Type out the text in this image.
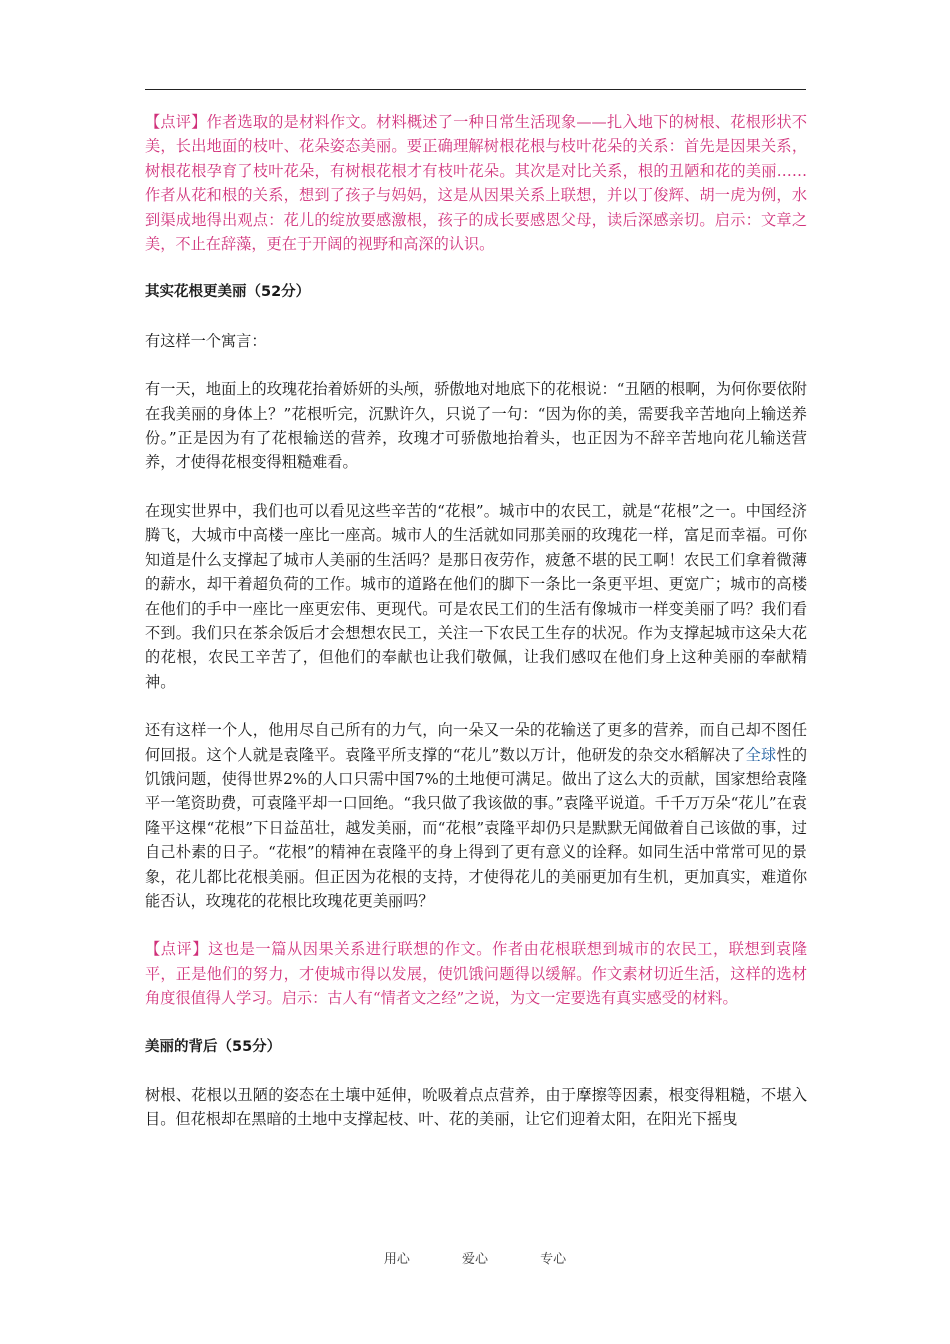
【点评】作者选取的是材料作文。材料概述了一种日常生活现象——扎入地下的树根、花根形状不美，长出地面的枝叶、花朵姿态美丽。要正确理解树根花根与枝叶花朵的关系：首先是因果关系，树根花根孕育了枝叶花朵，有树根花根才有枝叶花朵。其次是对比关系，根的丑陋和花的美丽……作者从花和根的关系，想到了孩子与妈妈，这是从因果关系上联想，并以丁俊辉、胡一虎为例，水到渠成地得出观点：花儿的绽放要感激根，孩子的成长要感恩父母，读后深感亲切。启示：文章之美，不止在辞藻，更在于开阔的视野和高深的认识。

其实花根更美丽（52分）

有这样一个寓言：

有一天，地面上的玫瑰花抬着娇妍的头颅，骄傲地对地底下的花根说：“丑陋的根啊，为何你要依附在我美丽的身体上？”花根听完，沉默许久，只说了一句：“因为你的美，需要我辛苦地向上输送养份。”正是因为有了花根输送的营养，玫瑰才可骄傲地抬着头，也正因为不辞辛苦地向花儿输送营养，才使得花根变得粗糙难看。

在现实世界中，我们也可以看见这些辛苦的“花根”。城市中的农民工，就是“花根”之一。中国经济腾飞，大城市中高楼一座比一座高。城市人的生活就如同那美丽的玫瑰花一样，富足而幸福。可你知道是什么支撑起了城市人美丽的生活吗？是那日夜劳作，疲惫不堪的民工啊！农民工们拿着微薄的薪水，却干着超负荷的工作。城市的道路在他们的脚下一条比一条更平坦、更宽广；城市的高楼在他们的手中一座比一座更宏伟、更现代。可是农民工们的生活有像城市一样变美丽了吗？我们看不到。我们只在茶余饭后才会想想农民工，关注一下农民工生存的状况。作为支撑起城市这朵大花的花根，农民工辛苦了，但他们的奉献也让我们敬佩，让我们感叹在他们身上这种美丽的奉献精神。

还有这样一个人，他用尽自己所有的力气，向一朵又一朵的花输送了更多的营养，而自己却不图任何回报。这个人就是袁隆平。袁隆平所支撑的“花儿”数以万计，他研发的杂交水稻解决了全球性的饥饿问题，使得世界2%的人口只需中国7%的土地便可满足。做出了这么大的贡献，国家想给袁隆平一笔资助费，可袁隆平却一口回绝。“我只做了我该做的事。”袁隆平说道。千千万万朵“花儿”在袁隆平这棵“花根”下日益茁壮，越发美丽，而“花根”袁隆平却仍只是默默无闻做着自己该做的事，过自己朴素的日子。“花根”的精神在袁隆平的身上得到了更有意义的诠释。如同生活中常常可见的景象，花儿都比花根美丽。但正因为花根的支持，才使得花儿的美丽更加有生机，更加真实，难道你能否认，玫瑰花的花根比玫瑰花更美丽吗？

【点评】这也是一篇从因果关系进行联想的作文。作者由花根联想到城市的农民工，联想到袁隆平，正是他们的努力，才使城市得以发展，使饥饿问题得以缓解。作文素材切近生活，这样的选材角度很值得人学习。启示：古人有“情者文之经”之说，为文一定要选有真实感受的材料。

美丽的背后（55分）

树根、花根以丑陋的姿态在土壤中延伸，吮吸着点点营养，由于摩擦等因素，根变得粗糙，不堪入目。但花根却在黑暗的土地中支撑起枝、叶、花的美丽，让它们迎着太阳，在阳光下摇曳

用心	爱心	专心
